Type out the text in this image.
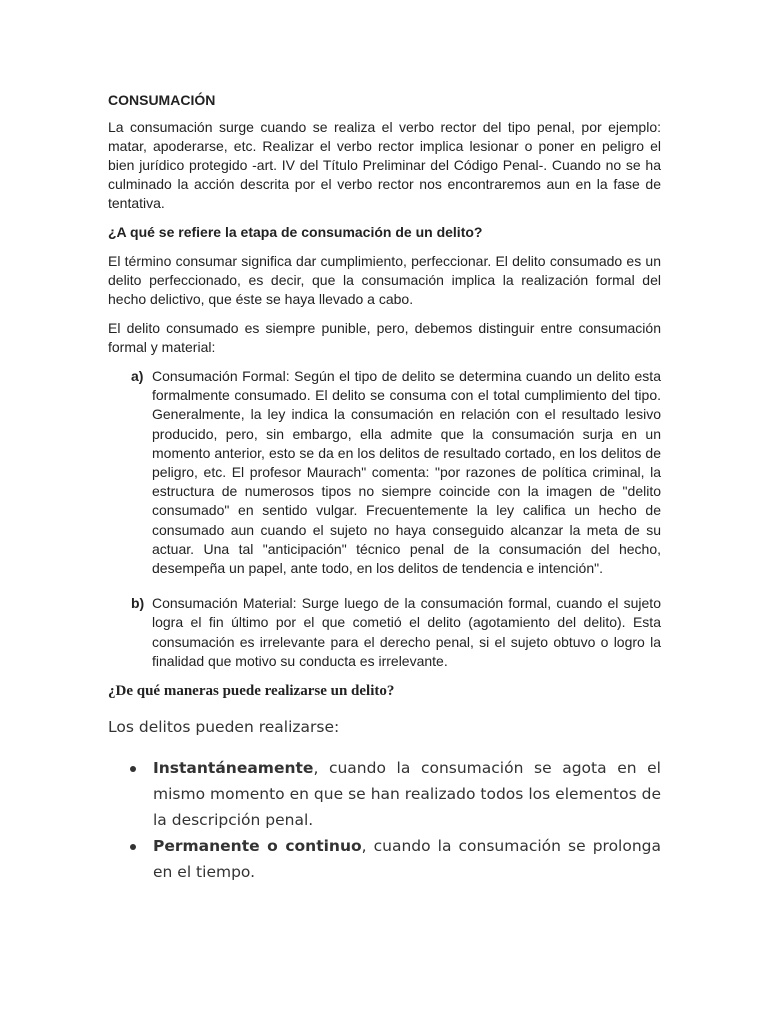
CONSUMACIÓN

La consumación surge cuando se realiza el verbo rector del tipo penal, por ejemplo: matar, apoderarse, etc. Realizar el verbo rector implica lesionar o poner en peligro el bien jurídico protegido -art. IV del Título Preliminar del Código Penal-. Cuando no se ha culminado la acción descrita por el verbo rector nos encontraremos aun en la fase de tentativa.

¿A qué se refiere la etapa de consumación de un delito?

El término consumar significa dar cumplimiento, perfeccionar. El delito consumado es un delito perfeccionado, es decir, que la consumación implica la realización formal del hecho delictivo, que éste se haya llevado a cabo.

El delito consumado es siempre punible, pero, debemos distinguir entre consumación formal y material:

a) Consumación Formal: Según el tipo de delito se determina cuando un delito esta formalmente consumado. El delito se consuma con el total cumplimiento del tipo. Generalmente, la ley indica la consumación en relación con el resultado lesivo producido, pero, sin embargo, ella admite que la consumación surja en un momento anterior, esto se da en los delitos de resultado cortado, en los delitos de peligro, etc. El profesor Maurach" comenta: "por razones de política criminal, la estructura de numerosos tipos no siempre coincide con la imagen de "delito consumado" en sentido vulgar. Frecuentemente la ley califica un hecho de consumado aun cuando el sujeto no haya conseguido alcanzar la meta de su actuar. Una tal "anticipación" técnico penal de la consumación del hecho, desempeña un papel, ante todo, en los delitos de tendencia e intención".
b) Consumación Material: Surge luego de la consumación formal, cuando el sujeto logra el fin último por el que cometió el delito (agotamiento del delito). Esta consumación es irrelevante para el derecho penal, si el sujeto obtuvo o logro la finalidad que motivo su conducta es irrelevante.
¿De qué maneras puede realizarse un delito?

Los delitos pueden realizarse:

Instantáneamente, cuando la consumación se agota en el mismo momento en que se han realizado todos los elementos de la descripción penal.
Permanente o continuo, cuando la consumación se prolonga en el tiempo.
